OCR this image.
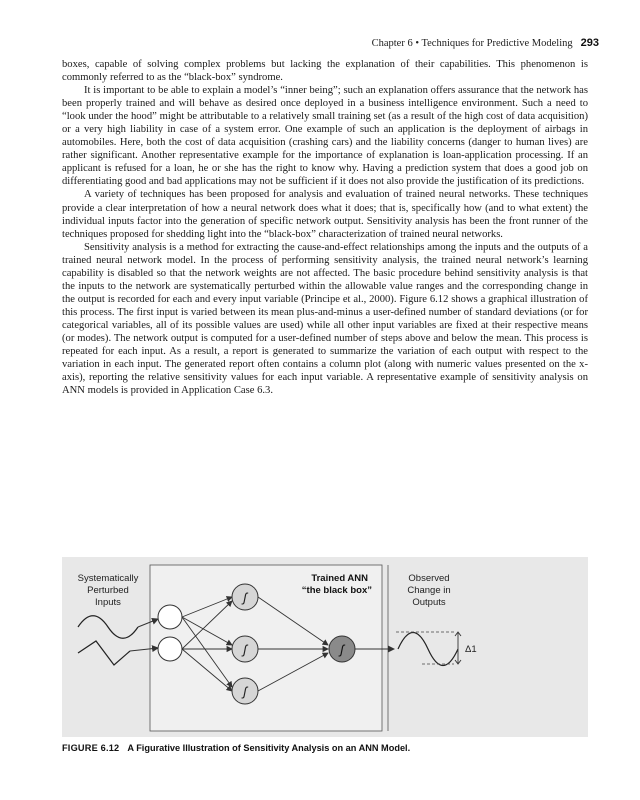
Chapter 6 • Techniques for Predictive Modeling 293

boxes, capable of solving complex problems but lacking the explanation of their capabilities. This phenomenon is commonly referred to as the “black-box” syndrome.

It is important to be able to explain a model’s “inner being”; such an explanation offers assurance that the network has been properly trained and will behave as desired once deployed in a business intelligence environment. Such a need to “look under the hood” might be attributable to a relatively small training set (as a result of the high cost of data acquisition) or a very high liability in case of a system error. One example of such an application is the deployment of airbags in automobiles. Here, both the cost of data acquisition (crashing cars) and the liability concerns (danger to human lives) are rather significant. Another representative example for the importance of explanation is loan-application processing. If an applicant is refused for a loan, he or she has the right to know why. Having a prediction system that does a good job on differentiating good and bad applications may not be sufficient if it does not also provide the justification of its predictions.

A variety of techniques has been proposed for analysis and evaluation of trained neural networks. These techniques provide a clear interpretation of how a neural network does what it does; that is, specifically how (and to what extent) the individual inputs factor into the generation of specific network output. Sensitivity analysis has been the front runner of the techniques proposed for shedding light into the “black-box” characterization of trained neural networks.

Sensitivity analysis is a method for extracting the cause-and-effect relationships among the inputs and the outputs of a trained neural network model. In the process of performing sensitivity analysis, the trained neural network’s learning capability is disabled so that the network weights are not affected. The basic procedure behind sensitivity analysis is that the inputs to the network are systematically perturbed within the allowable value ranges and the corresponding change in the output is recorded for each and every input variable (Principe et al., 2000). Figure 6.12 shows a graphical illustration of this process. The first input is varied between its mean plus-and-minus a user-defined number of standard deviations (or for categorical variables, all of its possible values are used) while all other input variables are fixed at their respective means (or modes). The network output is computed for a user-defined number of steps above and below the mean. This process is repeated for each input. As a result, a report is generated to summarize the variation of each output with respect to the variation in each input. The generated report often contains a column plot (along with numeric values presented on the x-axis), reporting the relative sensitivity values for each input variable. A representative example of sensitivity analysis on ANN models is provided in Application Case 6.3.

Systematically
Perturbed
Inputs
Trained ANN
“the black box”
Observed
Change in
Outputs
ʃ
ʃ
ʃ
ʃ	Δ1
FIGURE 6.12 A Figurative Illustration of Sensitivity Analysis on an ANN Model.
